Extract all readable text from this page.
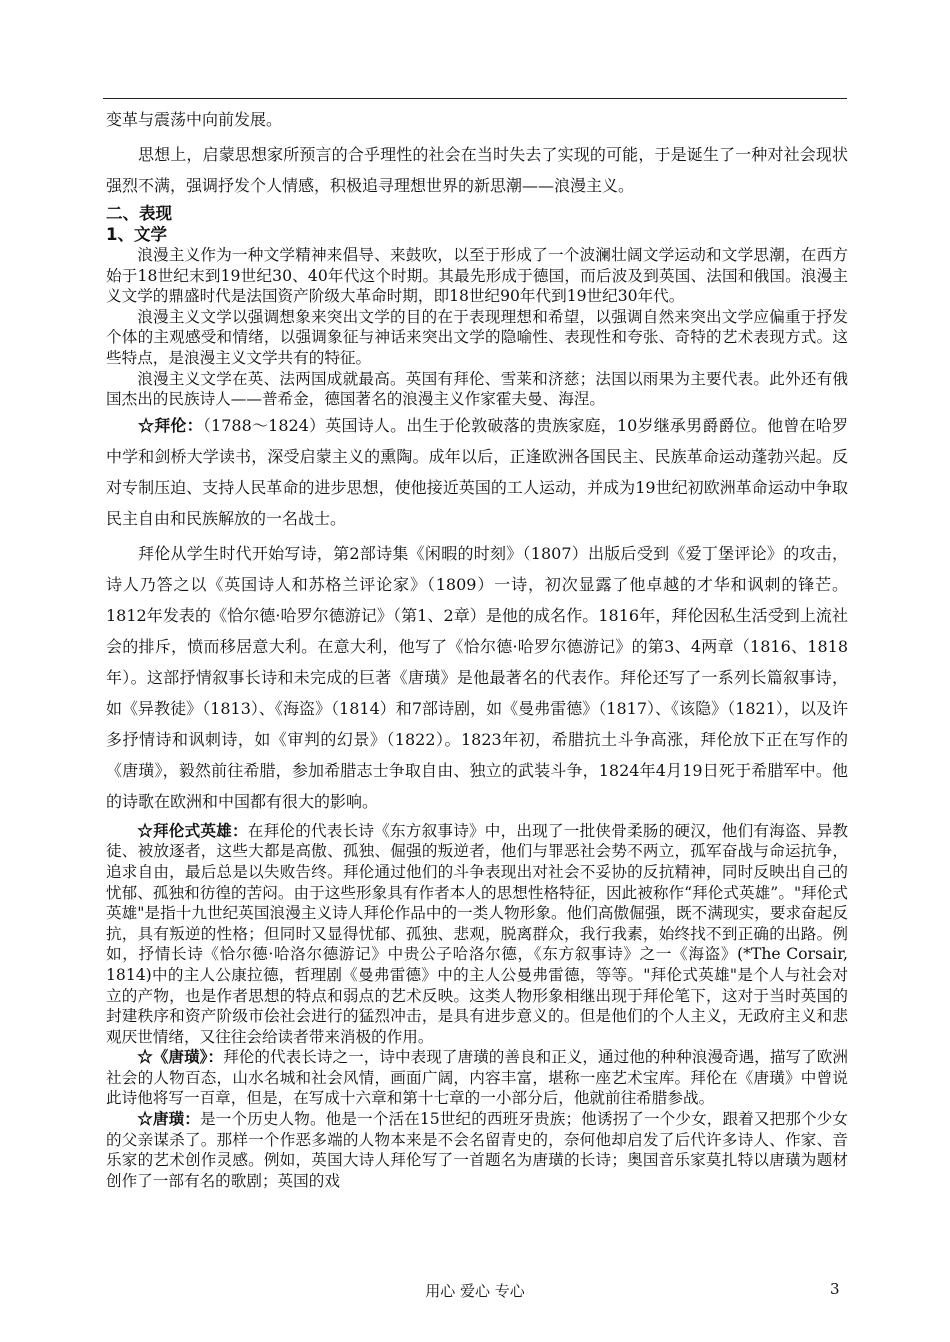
变革与震荡中向前发展。

思想上，启蒙思想家所预言的合乎理性的社会在当时失去了实现的可能，于是诞生了一种对社会现状强烈不满，强调抒发个人情感，积极追寻理想世界的新思潮——浪漫主义。

二、表现

1、文学

浪漫主义作为一种文学精神来倡导、来鼓吹，以至于形成了一个波澜壮阔文学运动和文学思潮，在西方始于18世纪末到19世纪30、40年代这个时期。其最先形成于德国，而后波及到英国、法国和俄国。浪漫主义文学的鼎盛时代是法国资产阶级大革命时期，即18世纪90年代到19世纪30年代。

浪漫主义文学以强调想象来突出文学的目的在于表现理想和希望，以强调自然来突出文学应偏重于抒发个体的主观感受和情绪，以强调象征与神话来突出文学的隐喻性、表现性和夸张、奇特的艺术表现方式。这些特点，是浪漫主义文学共有的特征。

浪漫主义文学在英、法两国成就最高。英国有拜伦、雪莱和济慈；法国以雨果为主要代表。此外还有俄国杰出的民族诗人——普希金，德国著名的浪漫主义作家霍夫曼、海涅。

☆拜伦：（1788～1824）英国诗人。出生于伦敦破落的贵族家庭，10岁继承男爵爵位。他曾在哈罗中学和剑桥大学读书，深受启蒙主义的熏陶。成年以后，正逢欧洲各国民主、民族革命运动蓬勃兴起。反对专制压迫、支持人民革命的进步思想，使他接近英国的工人运动，并成为19世纪初欧洲革命运动中争取民主自由和民族解放的一名战士。

拜伦从学生时代开始写诗，第2部诗集《闲暇的时刻》（1807）出版后受到《爱丁堡评论》的攻击，诗人乃答之以《英国诗人和苏格兰评论家》（1809）一诗，初次显露了他卓越的才华和讽刺的锋芒。1812年发表的《恰尔德·哈罗尔德游记》（第1、2章）是他的成名作。1816年，拜伦因私生活受到上流社会的排斥，愤而移居意大利。在意大利，他写了《恰尔德·哈罗尔德游记》的第3、4两章（1816、1818年）。这部抒情叙事长诗和未完成的巨著《唐璜》是他最著名的代表作。拜伦还写了一系列长篇叙事诗，如《异教徒》（1813）、《海盗》（1814）和7部诗剧，如《曼弗雷德》（1817）、《该隐》（1821），以及许多抒情诗和讽刺诗，如《审判的幻景》（1822）。1823年初，希腊抗土斗争高涨，拜伦放下正在写作的《唐璜》，毅然前往希腊，参加希腊志士争取自由、独立的武装斗争，1824年4月19日死于希腊军中。他的诗歌在欧洲和中国都有很大的影响。

☆拜伦式英雄：在拜伦的代表长诗《东方叙事诗》中，出现了一批侠骨柔肠的硬汉，他们有海盗、异教徒、被放逐者，这些大都是高傲、孤独、倔强的叛逆者，他们与罪恶社会势不两立，孤军奋战与命运抗争，追求自由，最后总是以失败告终。拜伦通过他们的斗争表现出对社会不妥协的反抗精神，同时反映出自己的忧郁、孤独和彷徨的苦闷。由于这些形象具有作者本人的思想性格特征，因此被称作“拜伦式英雄”。"拜伦式英雄"是指十九世纪英国浪漫主义诗人拜伦作品中的一类人物形象。他们高傲倔强，既不满现实，要求奋起反抗，具有叛逆的性格；但同时又显得忧郁、孤独、悲观，脱离群众，我行我素，始终找不到正确的出路。例如，抒情长诗《恰尔德·哈洛尔德游记》中贵公子哈洛尔德，《东方叙事诗》之一《海盗》(*The Corsair, 1814)中的主人公康拉德，哲理剧《曼弗雷德》中的主人公曼弗雷德，等等。"拜伦式英雄"是个人与社会对立的产物，也是作者思想的特点和弱点的艺术反映。这类人物形象相继出现于拜伦笔下，这对于当时英国的封建秩序和资产阶级市侩社会进行的猛烈冲击，是具有进步意义的。但是他们的个人主义，无政府主义和悲观厌世情绪，又往往会给读者带来消极的作用。

☆《唐璜》：拜伦的代表长诗之一，诗中表现了唐璜的善良和正义，通过他的种种浪漫奇遇，描写了欧洲社会的人物百态，山水名城和社会风情，画面广阔，内容丰富，堪称一座艺术宝库。拜伦在《唐璜》中曾说此诗他将写一百章，但是，在写成十六章和第十七章的一小部分后，他就前往希腊参战。

☆唐璜：是一个历史人物。他是一个活在15世纪的西班牙贵族；他诱拐了一个少女，跟着又把那个少女的父亲谋杀了。那样一个作恶多端的人物本来是不会名留青史的，奈何他却启发了后代许多诗人、作家、音乐家的艺术创作灵感。例如，英国大诗人拜伦写了一首题名为唐璜的长诗；奥国音乐家莫扎特以唐璜为题材创作了一部有名的歌剧；英国的戏

用心 爱心 专心	3
